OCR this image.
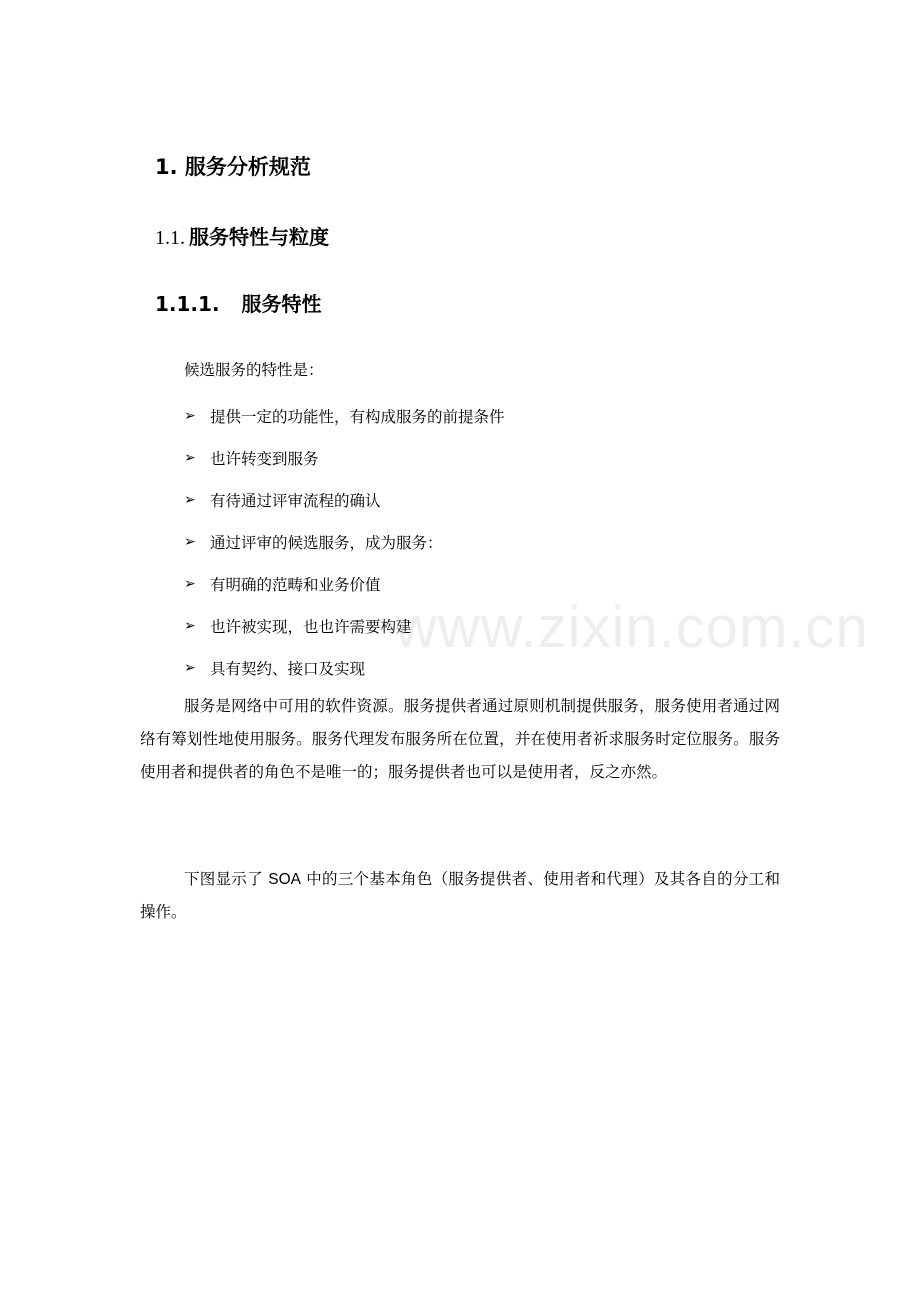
1. 服务分析规范
1.1. 服务特性与粒度
1.1.1. 服务特性
候选服务的特性是：
➢ 提供一定的功能性，有构成服务的前提条件
➢ 也许转变到服务
➢ 有待通过评审流程的确认
➢ 通过评审的候选服务，成为服务：
➢ 有明确的范畴和业务价值
➢ 也许被实现，也也许需要构建
➢ 具有契约、接口及实现
服务是网络中可用的软件资源。服务提供者通过原则机制提供服务，服务使用者通过网络有筹划性地使用服务。服务代理发布服务所在位置，并在使用者祈求服务时定位服务。服务使用者和提供者的角色不是唯一的；服务提供者也可以是使用者，反之亦然。
下图显示了 SOA 中的三个基本角色（服务提供者、使用者和代理）及其各自的分工和操作。
www.zixin.com.cn
